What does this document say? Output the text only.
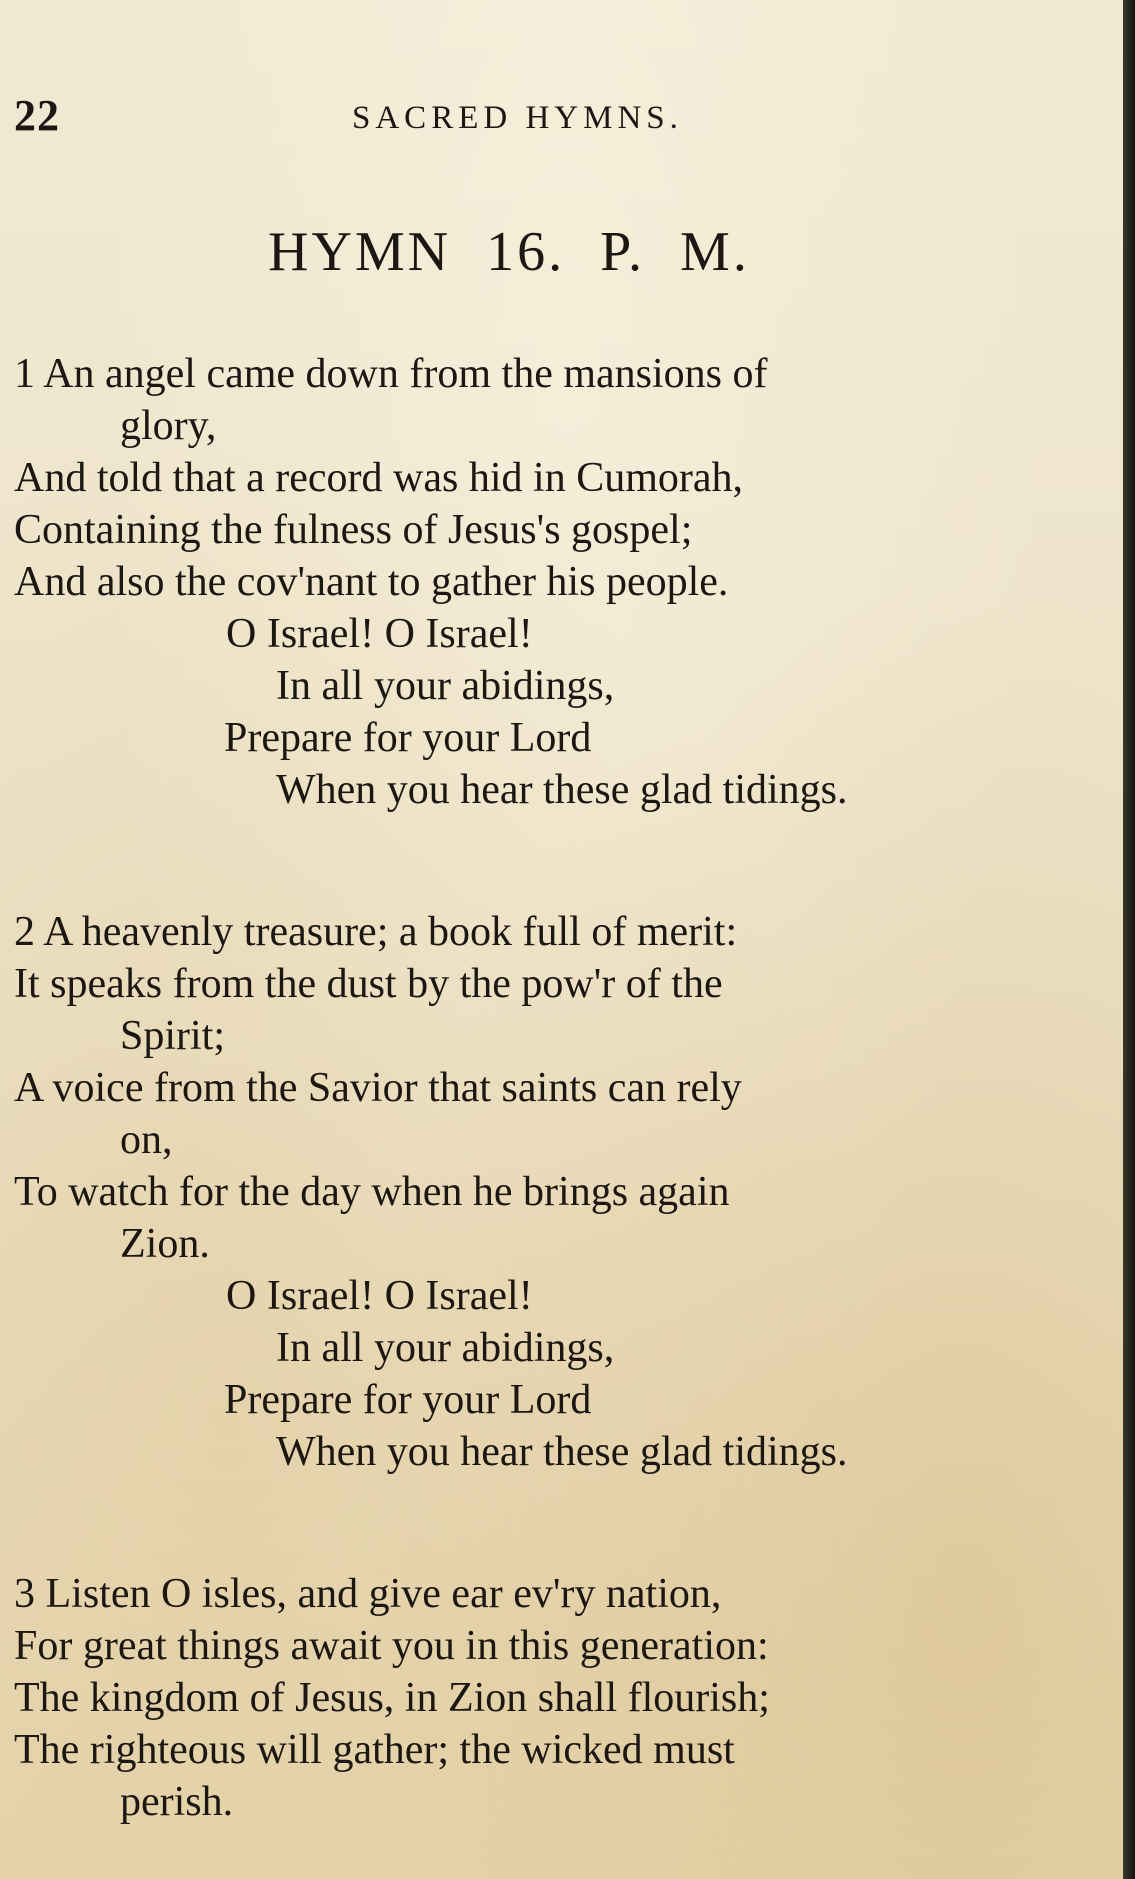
22	SACRED HYMNS.
HYMN 16. P. M.
1 An angel came down from the mansions of
glory,
And told that a record was hid in Cumorah,
Containing the fulness of Jesus's gospel;
And also the cov'nant to gather his people.
O Israel! O Israel!
In all your abidings,
Prepare for your Lord
When you hear these glad tidings.
2 A heavenly treasure; a book full of merit:
It speaks from the dust by the pow'r of the
Spirit;
A voice from the Savior that saints can rely
on,
To watch for the day when he brings again
Zion.
O Israel! O Israel!
In all your abidings,
Prepare for your Lord
When you hear these glad tidings.
3 Listen O isles, and give ear ev'ry nation,
For great things await you in this generation:
The kingdom of Jesus, in Zion shall flourish;
The righteous will gather; the wicked must
perish.
